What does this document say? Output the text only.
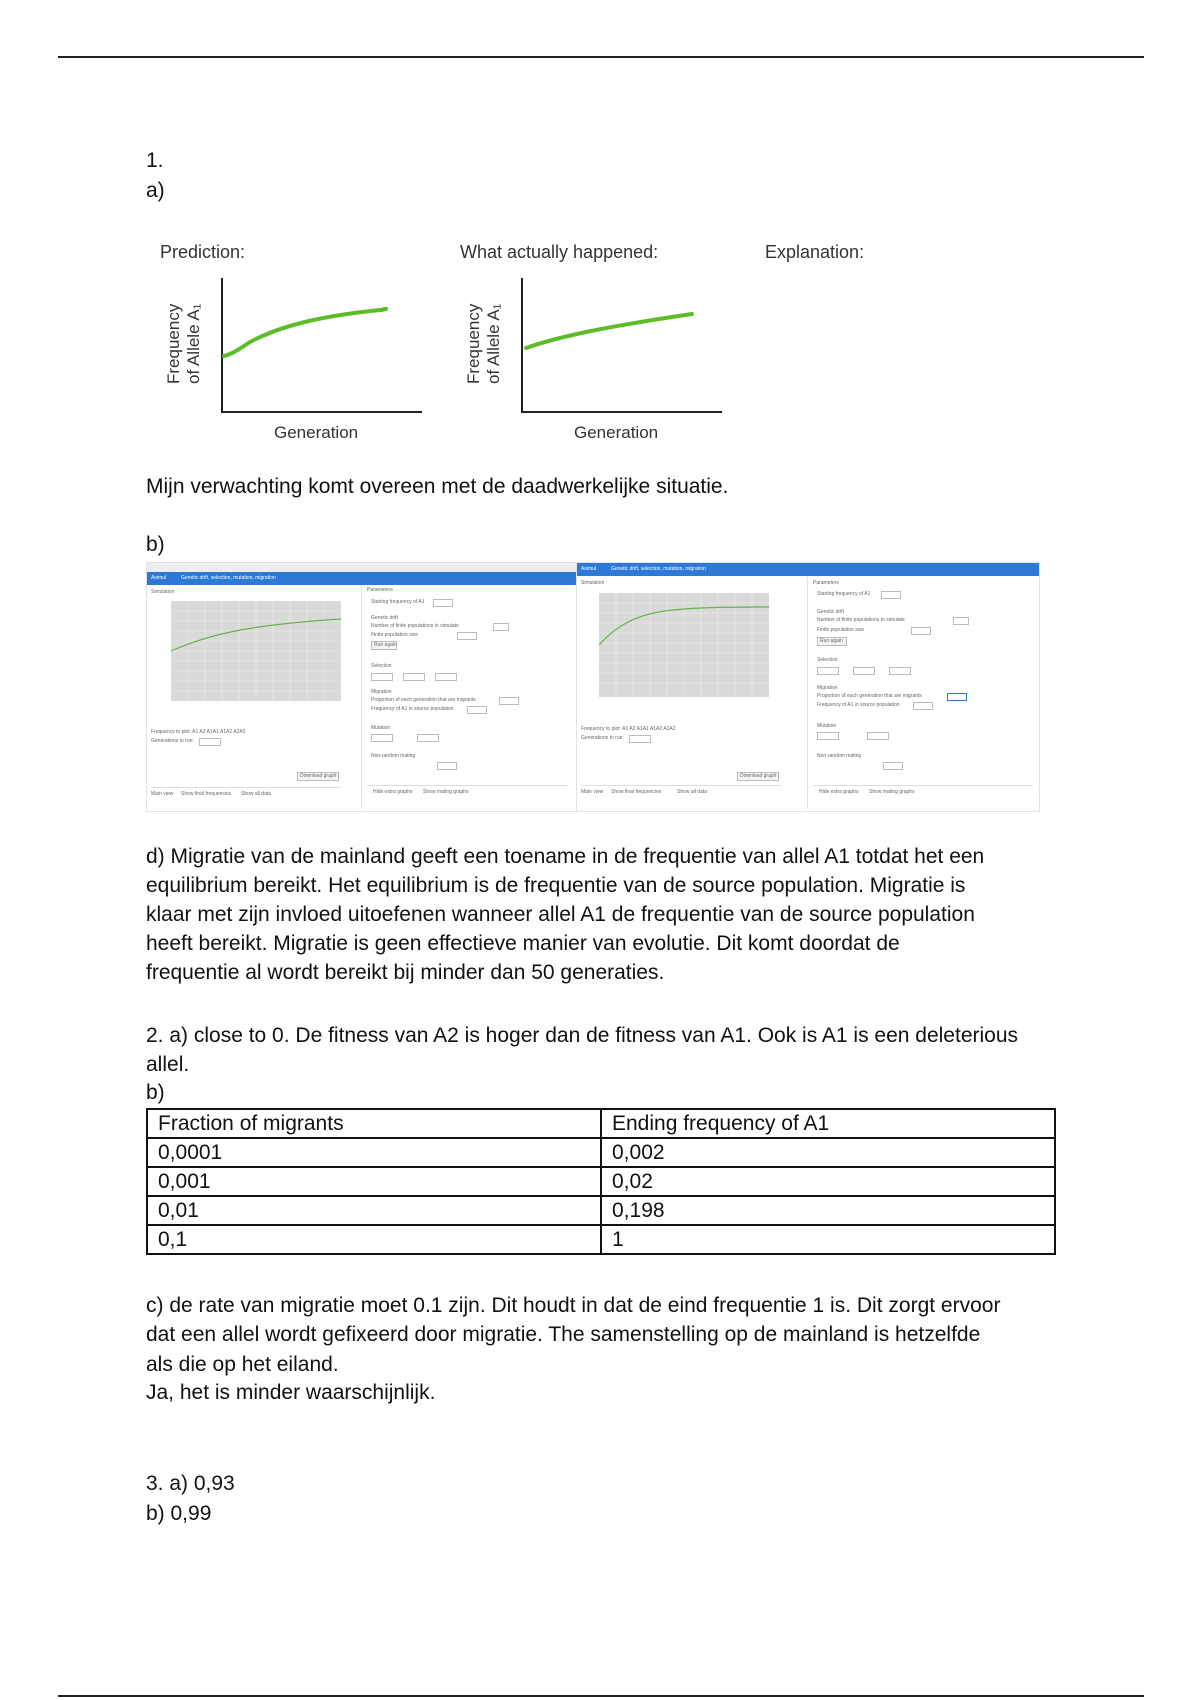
1.

a)

Prediction:
Frequency of Allele A₁
Generation
What actually happened:
Frequency of Allele A₁
Generation
Explanation:

Mijn verwachting komt overeen met de daadwerkelijke situatie.

b)

Asimul	Genetic drift, selection, mutation, migration
Simulation
Frequency to plot: A1 A2 A1A1 A1A2 A2A2
Generations to run:
Download graph
Main view Show final frequencies Show all data
Parameters
Starting frequency of A1
Genetic drift
Number of finite populations to simulate
Finite population size
Run again
Selection
Migration
Proportion of each generation that are migrants
Frequency of A1 in source population
Mutation
Non-random mating
Hide extra graphs Show mating graphs
Asimul	Genetic drift, selection, mutation, migration
Simulation
Frequency to plot: A1 A2 A1A1 A1A2 A2A2
Generations to run:
Download graph
Main view Show final frequencies	Show all data
Parameters
Starting frequency of A1
Genetic drift
Number of finite populations to simulate
Finite population size
Run again
Selection
Migration
Proportion of each generation that are migrants
Frequency of A1 in source population
Mutation
Non-random mating
Hide extra graphs Show mating graphs

d) Migratie van de mainland geeft een toename in de frequentie van allel A1 totdat het een

equilibrium bereikt. Het equilibrium is de frequentie van de source population. Migratie is

klaar met zijn invloed uitoefenen wanneer allel A1 de frequentie van de source population

heeft bereikt. Migratie is geen effectieve manier van evolutie. Dit komt doordat de

frequentie al wordt bereikt bij minder dan 50 generaties.

2. a) close to 0. De fitness van A2 is hoger dan de fitness van A1. Ook is A1 is een deleterious

allel.

b)

Fraction of migrants	Ending frequency of A1
0,0001	0,002
0,001	0,02
0,01	0,198
0,1	1

c) de rate van migratie moet 0.1 zijn. Dit houdt in dat de eind frequentie 1 is. Dit zorgt ervoor

dat een allel wordt gefixeerd door migratie. The samenstelling op de mainland is hetzelfde

als die op het eiland.

Ja, het is minder waarschijnlijk.

3. a) 0,93

b) 0,99
